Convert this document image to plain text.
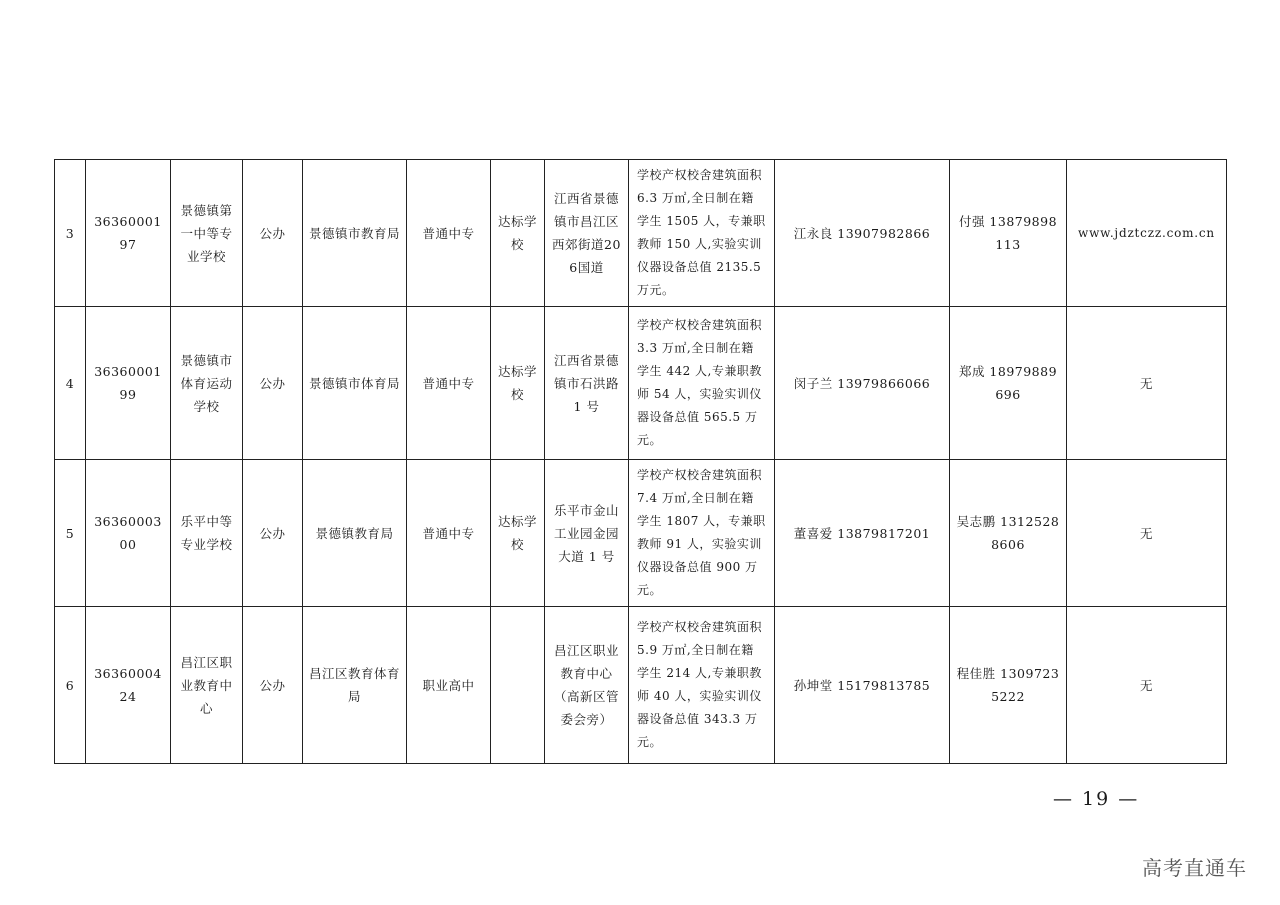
3	3636000197	景德镇第一中等专业学校	公办	景德镇市教育局	普通中专	达标学校	江西省景德镇市昌江区西郊街道206国道	学校产权校舍建筑面积 6.3 万㎡,全日制在籍学生 1505 人，专兼职教师 150 人,实验实训仪器设备总值 2135.5 万元。	江永良 13907982866	付强 13879898113	www.jdztczz.com.cn
4	3636000199	景德镇市体育运动学校	公办	景德镇市体育局	普通中专	达标学校	江西省景德镇市石洪路 1 号	学校产权校舍建筑面积 3.3 万㎡,全日制在籍学生 442 人,专兼职教师 54 人，实验实训仪器设备总值 565.5 万元。	闵子兰 13979866066	郑成 18979889696	无
5	3636000300	乐平中等专业学校	公办	景德镇教育局	普通中专	达标学校	乐平市金山工业园金园大道 1 号	学校产权校舍建筑面积 7.4 万㎡,全日制在籍学生 1807 人，专兼职教师 91 人，实验实训仪器设备总值 900 万元。	董喜爱 13879817201	吴志鹏 13125288606	无
6	3636000424	昌江区职业教育中心	公办	昌江区教育体育局	职业高中		昌江区职业教育中心（高新区管委会旁）	学校产权校舍建筑面积 5.9 万㎡,全日制在籍学生 214 人,专兼职教师 40 人，实验实训仪器设备总值 343.3 万元。	孙坤堂 15179813785	程佳胜 13097235222	无
— 19 —
高考直通车
